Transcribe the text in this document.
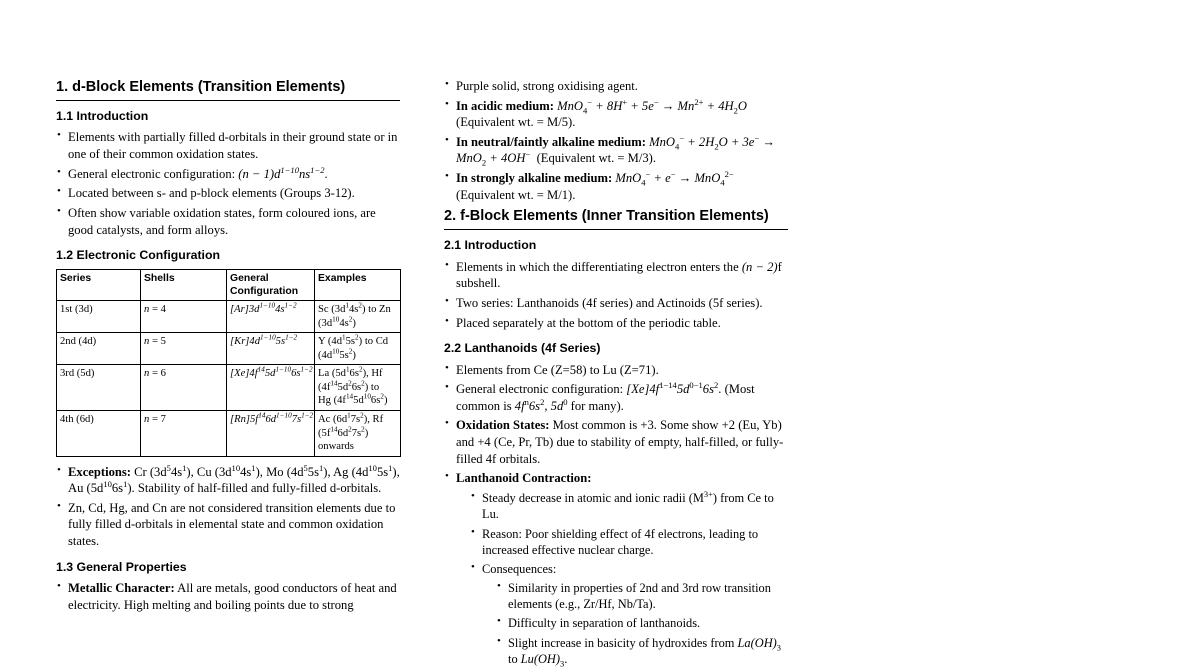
1. d-Block Elements (Transition Elements)
1.1 Introduction
• Elements with partially filled d-orbitals in their ground state or in one of their common oxidation states.
• General electronic configuration: $(n - 1)d^{1-10}ns^{1-2}$.
• Located between s- and p-block elements (Groups 3-12).
• Often show variable oxidation states, form coloured ions, are good catalysts, and form alloys.
1.2 Electronic Configuration
Series	Shells	General Configuration	Examples
1st (3d)	n = 4	$[Ar]3d^{1-10}4s^{1-2}$	Sc $(3d^14s^2)$ to Zn
$(3d^{10}4s^2)$

2nd (4d)	n = 5	$[Kr]4d^{1-10}5s^{1-2}$	Y $(4d^15s^2)$ to Cd
$(4d^{10}5s^2)$

3rd (5d)	n = 6	$[Xe]4f^{14}5d^{1-10}6s^{1-2}$	La $(5d^16s^2)$, Hf $(4f^{14}5d^26s^2)$ to
Hg $(4f^{14}5d^{10}6s^2)$

4th (6d)	n = 7	$[Rn]5f^{14}6d^{1-10}7s^{1-2}$	Ac $(6d^17s^2)$, Rf $(5f^{14}6d^27s^2)$
onwards
• Exceptions: Cr $(3d^54s^1)$, Cu $(3d^{10}4s^1)$, Mo $(4d^55s^1)$, Ag $(4d^{10}5s^1)$, Au $(5d^{10}6s^1)$. Stability of half-filled and fully-filled d-orbitals.
• Zn, Cd, Hg, and Cn are not considered transition elements due to fully filled d-orbitals in elemental state and common oxidation states.
1.3 General Properties
• Metallic Character: All are metals, good conductors of heat and electricity. High melting and boiling points due to strong
• Purple solid, strong oxidising agent.
• In acidic medium: $MnO_4^- + 8H^+ + 5e^- \to Mn^{2+} + 4H_2O$ (Equivalent wt. = M/5).
• In neutral/faintly alkaline medium: $MnO_4^- + 2H_2O + 3e^- \to MnO_2 + 4OH^-$  (Equivalent wt. = M/3).
• In strongly alkaline medium: MnO$_4$− + e− → MnO$_4^{2-}$ (Equivalent wt. = M/1).
2. f-Block Elements (Inner Transition Elements)
2.1 Introduction
• Elements in which the differentiating electron enters the (n − 2)f subshell.
• Two series: Lanthanoids (4f series) and Actinoids (5f series).
• Placed separately at the bottom of the periodic table.
2.2 Lanthanoids (4f Series)
• Elements from Ce (Z=58) to Lu (Z=71).
• General electronic configuration: $[Xe]4f^{1-14}5d^{0-1}6s^2$. (Most common is $4f^n6s^2$, $5d^0$ for many).
• Oxidation States: Most common is +3. Some show +2 (Eu, Yb) and +4 (Ce, Pr, Tb) due to stability of empty, half-filled, or fully-filled 4f orbitals.
• Lanthanoid Contraction:
• Steady decrease in atomic and ionic radii $(M^{3+})$ from Ce to Lu.
• Reason: Poor shielding effect of 4f electrons, leading to increased effective nuclear charge.
• Consequences:
• Similarity in properties of 2nd and 3rd row transition elements (e.g., Zr/Hf, Nb/Ta).
• Difficulty in separation of lanthanoids.
• Slight increase in basicity of hydroxides from $La(OH)_3$ to $Lu(OH)_3$.
